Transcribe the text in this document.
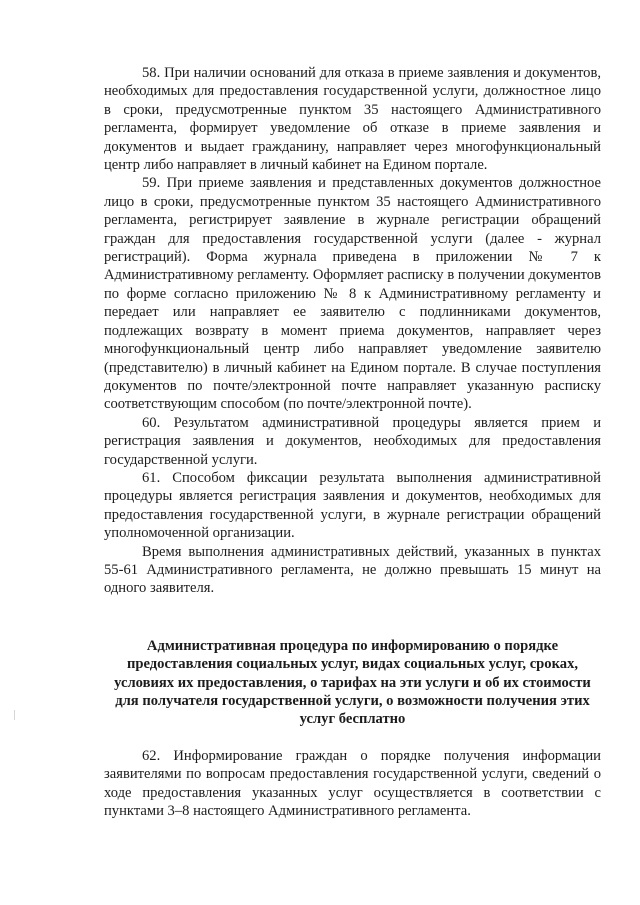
58. При наличии оснований для отказа в приеме заявления и документов, необходимых для предоставления государственной услуги, должностное лицо в сроки, предусмотренные пунктом 35 настоящего Административного регламента, формирует уведомление об отказе в приеме заявления и документов и выдает гражданину, направляет через многофункциональный центр либо направляет в личный кабинет на Едином портале.

59. При приеме заявления и представленных документов должностное лицо в сроки, предусмотренные пунктом 35 настоящего Административного регламента, регистрирует заявление в журнале регистрации обращений граждан для предоставления государственной услуги (далее - журнал регистраций). Форма журнала приведена в приложении № 7 к Административному регламенту. Оформляет расписку в получении документов по форме согласно приложению № 8 к Административному регламенту и передает или направляет ее заявителю с подлинниками документов, подлежащих возврату в момент приема документов, направляет через многофункциональный центр либо направляет уведомление заявителю (представителю) в личный кабинет на Едином портале. В случае поступления документов по почте/электронной почте направляет указанную расписку соответствующим способом (по почте/электронной почте).

60. Результатом административной процедуры является прием и регистрация заявления и документов, необходимых для предоставления государственной услуги.

61. Способом фиксации результата выполнения административной процедуры является регистрация заявления и документов, необходимых для предоставления государственной услуги, в журнале регистрации обращений уполномоченной организации.

Время выполнения административных действий, указанных в пунктах 55-61 Административного регламента, не должно превышать 15 минут на одного заявителя.

Административная процедура по информированию о порядке предоставления социальных услуг, видах социальных услуг, сроках, условиях их предоставления, о тарифах на эти услуги и об их стоимости для получателя государственной услуги, о возможности получения этих услуг бесплатно

62. Информирование граждан о порядке получения информации заявителями по вопросам предоставления государственной услуги, сведений о ходе предоставления указанных услуг осуществляется в соответствии с пунктами 3–8 настоящего Административного регламента.
